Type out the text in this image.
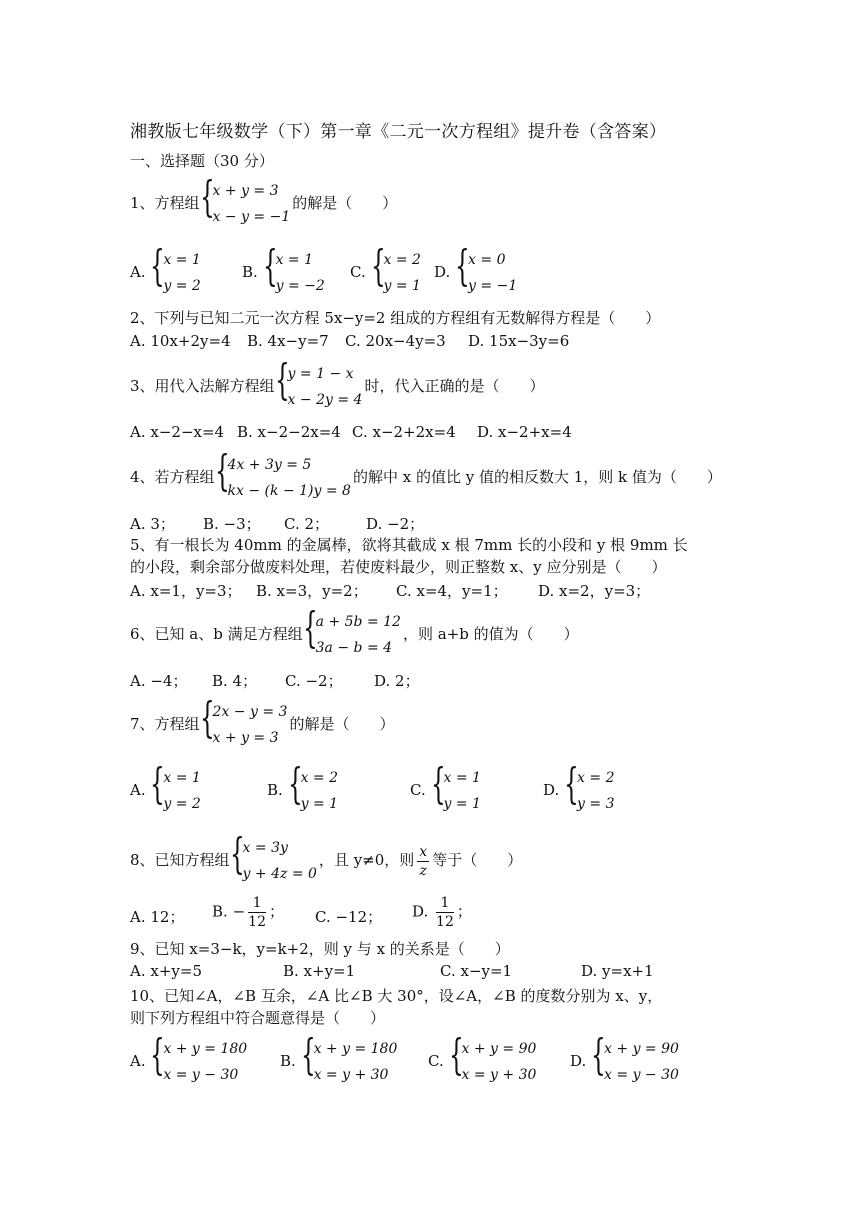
湘教版七年级数学（下）第一章《二元一次方程组》提升卷（含答案）
一、选择题（30 分）
1、方程组
{ x + y = 3
x − y = −1
的解是（　　）
A.
{ x = 1
y = 2
B.
{ x = 1
y = −2
C.
{ x = 2
y = 1
D.
{ x = 0
y = −1
2、下列与已知二元一次方程 5x−y=2 组成的方程组有无数解得方程是（　　）
A. 10x+2y=4 B. 4x−y=7 C. 20x−4y=3 D. 15x−3y=6
3、用代入法解方程组
{ y = 1 − x
x − 2y = 4
时，代入正确的是（　　）
A. x−2−x=4 B. x−2−2x=4 C. x−2+2x=4 D. x−2+x=4
4、若方程组
{ 4x + 3y = 5
kx − (k − 1)y = 8
的解中 x 的值比 y 值的相反数大 1，则 k 值为（　　）
A. 3； B. −3； C. 2； D. −2；
5、有一根长为 40mm 的金属棒，欲将其截成 x 根 7mm 长的小段和 y 根 9mm 长
的小段，剩余部分做废料处理，若使废料最少，则正整数 x、y 应分别是（　　）
A. x=1，y=3； B. x=3，y=2； C. x=4，y=1； D. x=2，y=3；
6、已知 a、b 满足方程组
{ a + 5b = 12
3a − b = 4
，则 a+b 的值为（　　）
A. −4； B. 4； C. −2； D. 2；
7、方程组
{ 2x − y = 3
x + y = 3
的解是（　　）
A.
{ x = 1
y = 2
B.
{ x = 2
y = 1
C.
{ x = 1
y = 1
D.
{ x = 2
y = 3
8、已知方程组
{ x = 3y
y + 4z = 0
，且 y≠0，则 $\frac{x}{z}$ 等于（　　）
A. 12； B. − $\frac{1}{12}$ ； C. −12； D. $\frac{1}{12}$ ；
9、已知 x=3−k，y=k+2，则 y 与 x 的关系是（　　）
A. x+y=5	B. x+y=1	C. x−y=1	D. y=x+1
10、已知∠A，∠B 互余，∠A 比∠B 大 30°，设∠A，∠B 的度数分别为 x、y，
则下列方程组中符合题意得是（　　）
A.
{ x + y = 180
x = y − 30
B.
{ x + y = 180
x = y + 30
C.
{ x + y = 90
x = y + 30
D.
{ x + y = 90
x = y − 30
